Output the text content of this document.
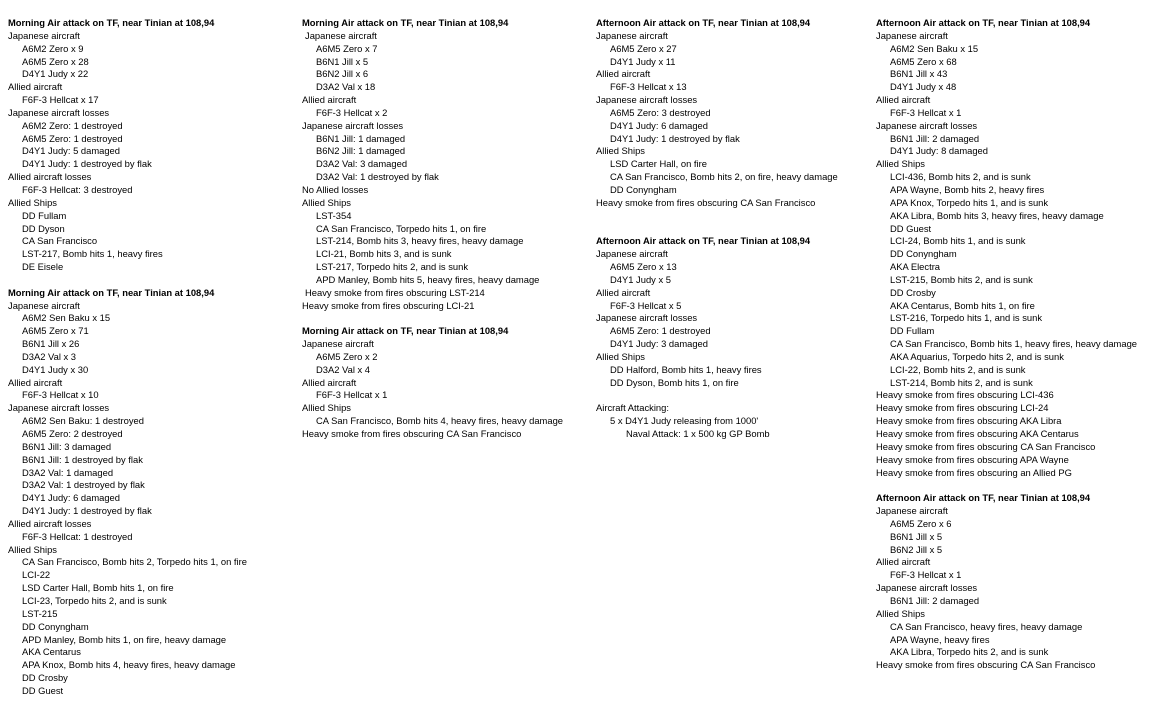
Morning Air attack on TF, near Tinian at 108,94
Japanese aircraft
A6M2 Zero x 9
A6M5 Zero x 28
D4Y1 Judy x 22
Allied aircraft
F6F-3 Hellcat x 17
Japanese aircraft losses
A6M2 Zero: 1 destroyed
A6M5 Zero: 1 destroyed
D4Y1 Judy: 5 damaged
D4Y1 Judy: 1 destroyed by flak
Allied aircraft losses
F6F-3 Hellcat: 3 destroyed
Allied Ships
DD Fullam
DD Dyson
CA San Francisco
LST-217, Bomb hits 1, heavy fires
DE Eisele
Morning Air attack on TF, near Tinian at 108,94
Japanese aircraft
A6M2 Sen Baku x 15
A6M5 Zero x 71
B6N1 Jill x 26
D3A2 Val x 3
D4Y1 Judy x 30
Allied aircraft
F6F-3 Hellcat x 10
Japanese aircraft losses
A6M2 Sen Baku: 1 destroyed
A6M5 Zero: 2 destroyed
B6N1 Jill: 3 damaged
B6N1 Jill: 1 destroyed by flak
D3A2 Val: 1 damaged
D3A2 Val: 1 destroyed by flak
D4Y1 Judy: 6 damaged
D4Y1 Judy: 1 destroyed by flak
Allied aircraft losses
F6F-3 Hellcat: 1 destroyed
Allied Ships
CA San Francisco, Bomb hits 2, Torpedo hits 1, on fire
LCI-22
LSD Carter Hall, Bomb hits 1, on fire
LCI-23, Torpedo hits 2, and is sunk
LST-215
DD Conyngham
APD Manley, Bomb hits 1, on fire, heavy damage
AKA Centarus
APA Knox, Bomb hits 4, heavy fires, heavy damage
DD Crosby
DD Guest
Morning Air attack on TF, near Tinian at 108,94
Japanese aircraft
A6M5 Zero x 7
B6N1 Jill x 5
B6N2 Jill x 6
D3A2 Val x 18
Allied aircraft
F6F-3 Hellcat x 2
Japanese aircraft losses
B6N1 Jill: 1 damaged
B6N2 Jill: 1 damaged
D3A2 Val: 3 damaged
D3A2 Val: 1 destroyed by flak
No Allied losses
Allied Ships
LST-354
CA San Francisco, Torpedo hits 1, on fire
LST-214, Bomb hits 3, heavy fires, heavy damage
LCI-21, Bomb hits 3, and is sunk
LST-217, Torpedo hits 2, and is sunk
APD Manley, Bomb hits 5, heavy fires, heavy damage
Heavy smoke from fires obscuring LST-214
Heavy smoke from fires obscuring LCI-21
Morning Air attack on TF, near Tinian at 108,94
Japanese aircraft
A6M5 Zero x 2
D3A2 Val x 4
Allied aircraft
F6F-3 Hellcat x 1
Allied Ships
CA San Francisco, Bomb hits 4, heavy fires, heavy damage
Heavy smoke from fires obscuring CA San Francisco
Afternoon Air attack on TF, near Tinian at 108,94
Japanese aircraft
A6M5 Zero x 27
D4Y1 Judy x 11
Allied aircraft
F6F-3 Hellcat x 13
Japanese aircraft losses
A6M5 Zero: 3 destroyed
D4Y1 Judy: 6 damaged
D4Y1 Judy: 1 destroyed by flak
Allied Ships
LSD Carter Hall, on fire
CA San Francisco, Bomb hits 2, on fire, heavy damage
DD Conyngham
Heavy smoke from fires obscuring CA San Francisco
Afternoon Air attack on TF, near Tinian at 108,94
Japanese aircraft
A6M5 Zero x 13
D4Y1 Judy x 5
Allied aircraft
F6F-3 Hellcat x 5
Japanese aircraft losses
A6M5 Zero: 1 destroyed
D4Y1 Judy: 3 damaged
Allied Ships
DD Halford, Bomb hits 1, heavy fires
DD Dyson, Bomb hits 1, on fire
Aircraft Attacking:
5 x D4Y1 Judy releasing from 1000'
Naval Attack: 1 x 500 kg GP Bomb
Afternoon Air attack on TF, near Tinian at 108,94
Japanese aircraft
A6M2 Sen Baku x 15
A6M5 Zero x 68
B6N1 Jill x 43
D4Y1 Judy x 48
Allied aircraft
F6F-3 Hellcat x 1
Japanese aircraft losses
B6N1 Jill: 2 damaged
D4Y1 Judy: 8 damaged
Allied Ships
LCI-436, Bomb hits 2, and is sunk
APA Wayne, Bomb hits 2, heavy fires
APA Knox, Torpedo hits 1, and is sunk
AKA Libra, Bomb hits 3, heavy fires, heavy damage
DD Guest
LCI-24, Bomb hits 1, and is sunk
DD Conyngham
AKA Electra
LST-215, Bomb hits 2, and is sunk
DD Crosby
AKA Centarus, Bomb hits 1, on fire
LST-216, Torpedo hits 1, and is sunk
DD Fullam
CA San Francisco, Bomb hits 1, heavy fires, heavy damage
AKA Aquarius, Torpedo hits 2, and is sunk
LCI-22, Bomb hits 2, and is sunk
LST-214, Bomb hits 2, and is sunk
Heavy smoke from fires obscuring LCI-436
Heavy smoke from fires obscuring LCI-24
Heavy smoke from fires obscuring AKA Libra
Heavy smoke from fires obscuring AKA Centarus
Heavy smoke from fires obscuring CA San Francisco
Heavy smoke from fires obscuring APA Wayne
Heavy smoke from fires obscuring an Allied PG
Afternoon Air attack on TF, near Tinian at 108,94
Japanese aircraft
A6M5 Zero x 6
B6N1 Jill x 5
B6N2 Jill x 5
Allied aircraft
F6F-3 Hellcat x 1
Japanese aircraft losses
B6N1 Jill: 2 damaged
Allied Ships
CA San Francisco, heavy fires, heavy damage
APA Wayne, heavy fires
AKA Libra, Torpedo hits 2, and is sunk
Heavy smoke from fires obscuring CA San Francisco
